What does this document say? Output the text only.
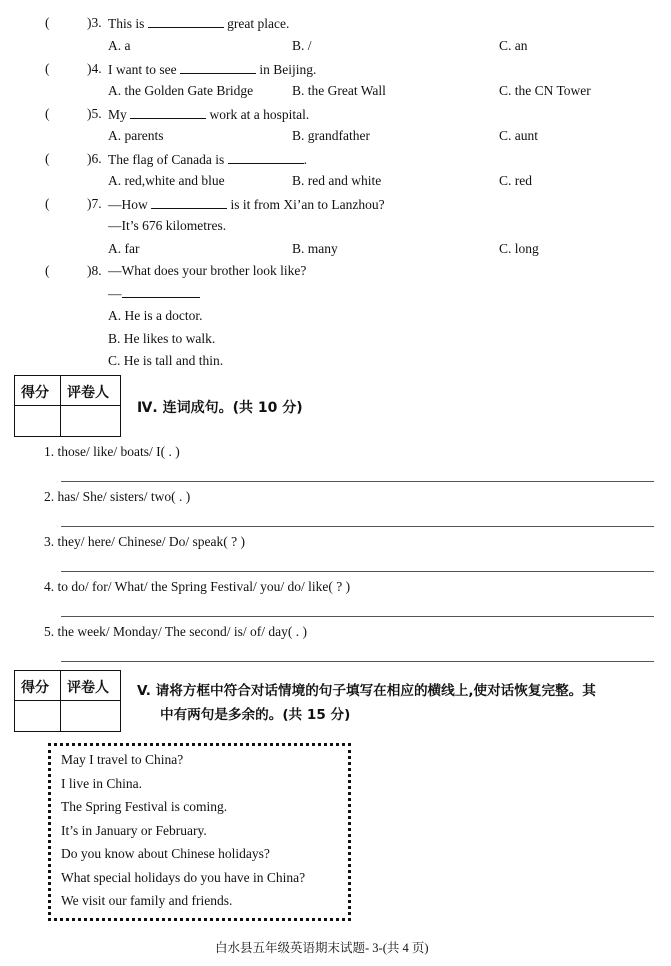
(	)3. This is	great place.
A. a	B. /	C. an
(	)4. I want to see	in Beijing.
A. the Golden Gate Bridge	B. the Great Wall	C. the CN Tower
(	)5. My	work at a hospital.
A. parents	B. grandfather	C. aunt
(	)6. The flag of Canada is	.
A. red,white and blue	B. red and white	C. red
(	)7. —How	is it from Xi’an to Lanzhou?
—It’s 676 kilometres.
A. far	B. many	C. long
(	)8. —What does your brother look like?
—
A. He is a doctor.
B. He likes to walk.
C. He is tall and thin.
得分 评卷人
Ⅳ. 连词成句。(共 10 分)
1. those/ like/ boats/ I( . )
2. has/ She/ sisters/ two( . )
3. they/ here/ Chinese/ Do/ speak( ? )
4. to do/ for/ What/ the Spring Festival/ you/ do/ like( ? )
5. the week/ Monday/ The second/ is/ of/ day( . )
得分 评卷人 V. 请将方框中符合对话情境的句子填写在相应的横线上,使对话恢复完整。其
中有两句是多余的。(共 15 分)
May I travel to China?
I live in China.
The Spring Festival is coming.
It’s in January or February.
Do you know about Chinese holidays?
What special holidays do you have in China?
We visit our family and friends.
白水县五年级英语期末试题- 3-(共 4 页)
